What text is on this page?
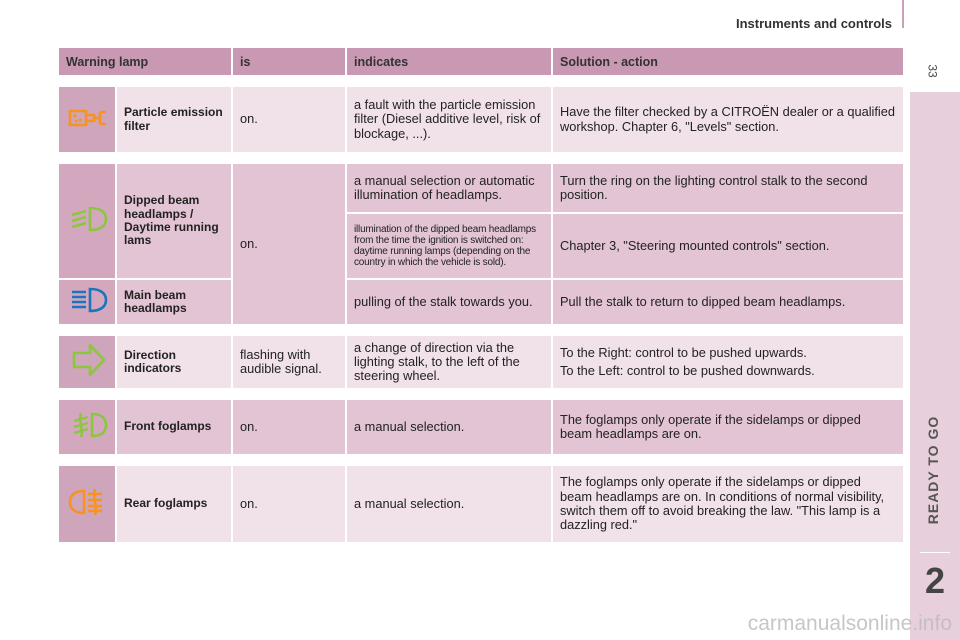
Instruments and controls
33
READY TO GO
2
Warning lamp		is	indicates	Solution - action

	Particle emission filter	on.	a fault with the particle emission filter (Diesel additive level, risk of blockage, ...).	Have the filter checked by a CITROËN dealer or a qualified workshop. Chapter 6, "Levels" section.

	Dipped beam headlamps / Daytime running lams	on.	a manual selection or automatic illumination of headlamps.	Turn the ring on the lighting control stalk to the second position.
			illumination of the dipped beam headlamps from the time the ignition is switched on: daytime running lamps (depending on the country in which the vehicle is sold).	Chapter 3, "Steering mounted controls" section.
	Main beam headlamps		pulling of the stalk towards you.	Pull the stalk to return to dipped beam headlamps.

	Direction indicators	flashing with audible signal.	a change of direction via the lighting stalk, to the left of the steering wheel.	To the Right: control to be pushed upwards.
To the Left: control to be pushed downwards.

	Front foglamps	on.	a manual selection.	The foglamps only operate if the sidelamps or dipped beam headlamps are on.

	Rear foglamps	on.	a manual selection.	The foglamps only operate if the sidelamps or dipped beam headlamps are on. In conditions of normal visibility, switch them off to avoid breaking the law. "This lamp is a dazzling red."
carmanualsonline.info
